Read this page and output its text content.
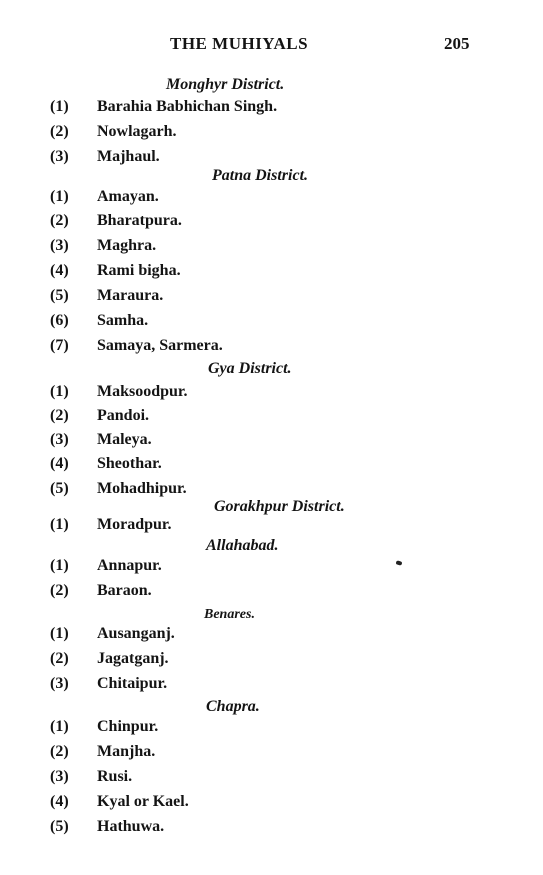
THE MUHIYALS	205
Monghyr District.
(1) Barahia Babhichan Singh.
(2) Nowlagarh.
(3) Majhaul.
Patna District.
(1) Amayan.
(2) Bharatpura.
(3) Maghra.
(4) Rami bigha.
(5) Maraura.
(6) Samha.
(7) Samaya, Sarmera.
Gya District.
(1) Maksoodpur.
(2) Pandoi.
(3) Maleya.
(4) Sheothar.
(5) Mohadhipur.
Gorakhpur District.
(1) Moradpur.
Allahabad.
(1) Annapur.
(2) Baraon.
Benares.
(1) Ausanganj.
(2) Jagatganj.
(3) Chitaipur.
Chapra.
(1) Chinpur.
(2) Manjha.
(3) Rusi.
(4) Kyal or Kael.
(5) Hathuwa.
